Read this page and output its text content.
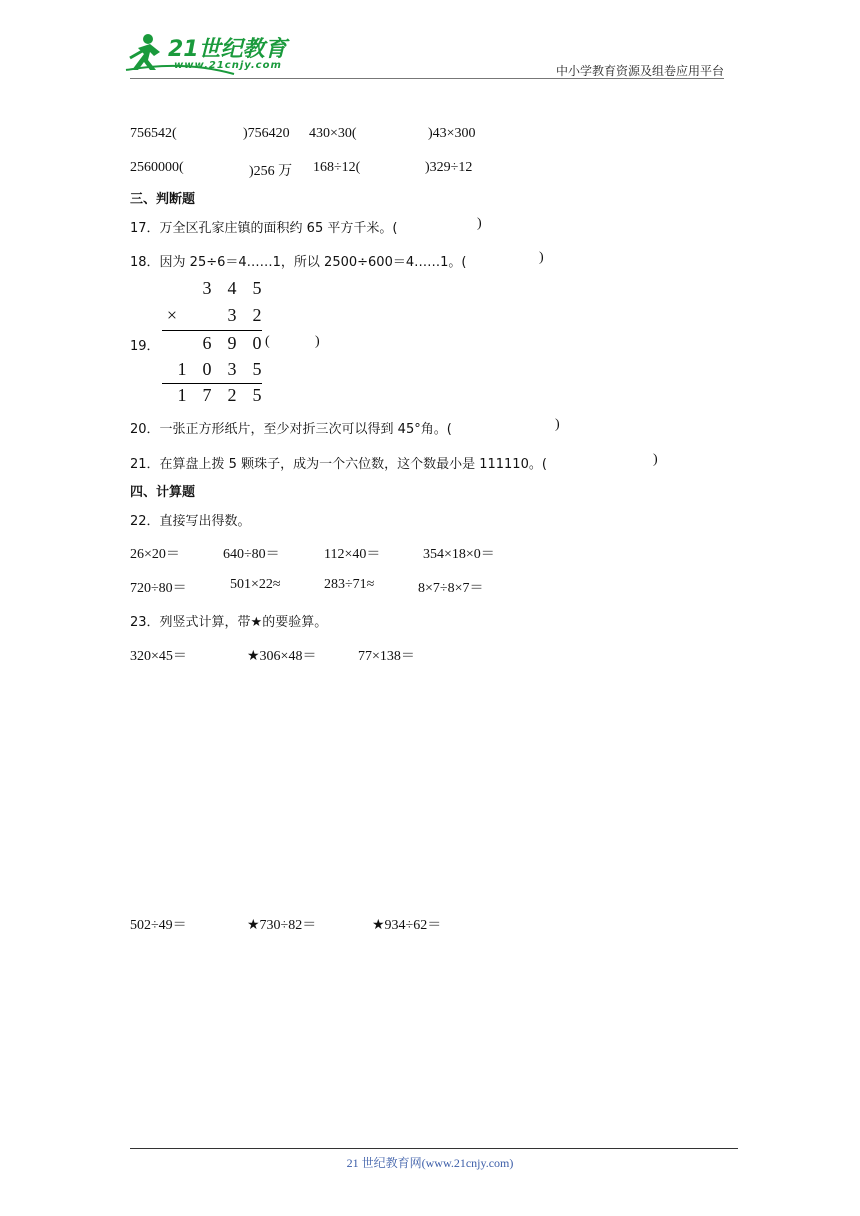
21世纪教育
www.21cnjy.com	中小学教育资源及组卷应用平台
756542(	)756420 430×30(	)43×300
2560000(	)256 万 168÷12(	)329÷12
三、判断题
17．万全区孔家庄镇的面积约 65 平方千米。(	)
18．因为 25÷6＝4……1，所以 2500÷600＝4……1。(	)
19．
3 4 5
×	3 2
6 9 0
1 0 3 5
1 7 2 5
(	)
20．一张正方形纸片，至少对折三次可以得到 45°角。(	)
21．在算盘上拨 5 颗珠子，成为一个六位数，这个数最小是 111110。(	)
四、计算题
22．直接写出得数。
26×20＝	640÷80＝	112×40＝	354×18×0＝
720÷80＝	501×22≈	283÷71≈	8×7÷8×7＝
23．列竖式计算，带★的要验算。
320×45＝	★306×48＝	77×138＝
502÷49＝	★730÷82＝	★934÷62＝
21 世纪教育网(www.21cnjy.com)
